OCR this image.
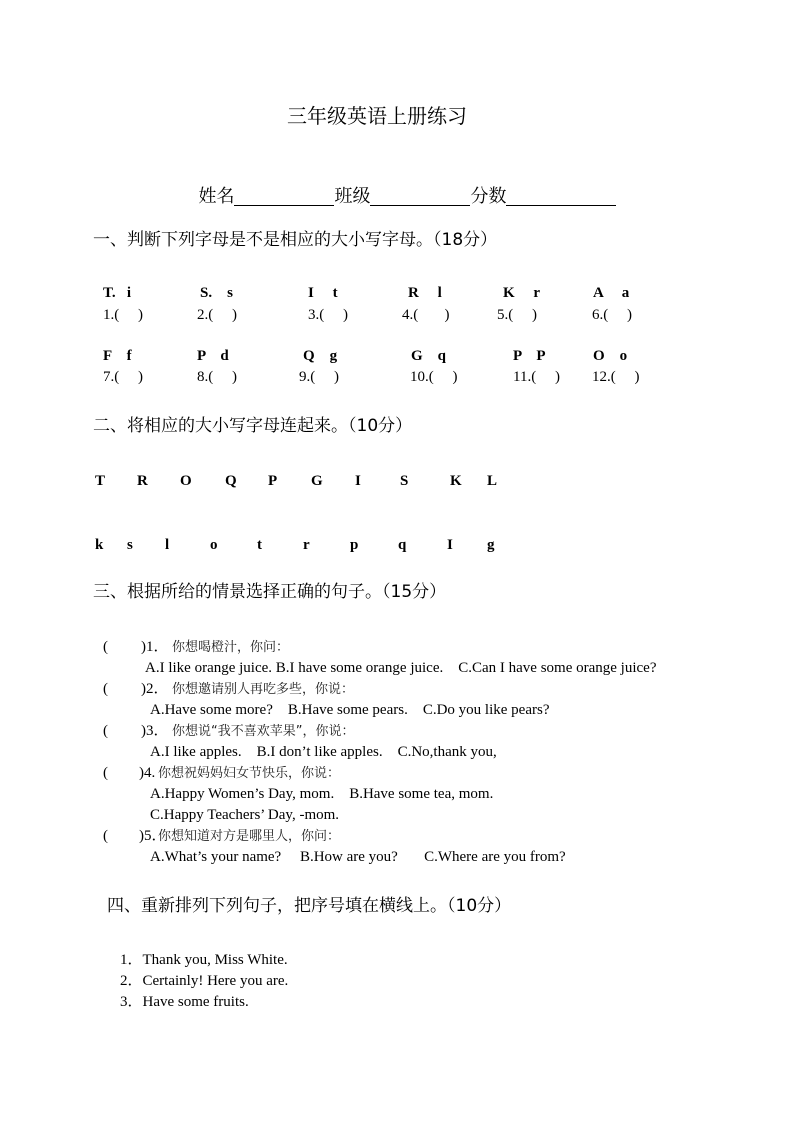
三年级英语上册练习

姓名	班级	分数

一、判断下列字母是不是相应的大小写字母。（18分）
T.   i
1.(     )
F    f
7.(     )
S.    s
2.(     )
P    d
8.(     )
I     t
3.(     )
Q    g
9.(     )
R     l
4.(       )
G    q
10.(     )
K     r
5.(     )
P    P
11.(     )
A     a
6.(     )
O    o
12.(     )
二、将相应的大小写字母连起来。（10分）
T
k
R
s
O
l
Q
o
P
t
G
r
I
p
S
q
K
I
L
g
三、根据所给的情景选择正确的句子。（15分）
( )1． 你想喝橙汁，你问：
A.I like orange juice. B.I have some orange juice.    C.Can I have some orange juice?
( )2． 你想邀请别人再吃多些，你说：
A.Have some more?    B.Have some pears.    C.Do you like pears?
( )3． 你想说“我不喜欢苹果”，你说：
A.I like apples.    B.I don’t like apples.    C.No,thank you,
( )4. 你想祝妈妈妇女节快乐，你说：
A.Happy Women’s Day, mom.    B.Have some tea, mom.
C.Happy Teachers’ Day, -mom.
( )5．
你想知道对方是哪里人，你问：
A.What’s your name?     B.How are you?       C.Where are you from?
四、重新排列下列句子，把序号填在横线上。（10分）
1．Thank you, Miss White.
2．Certainly! Here you are.
3．Have some fruits.
